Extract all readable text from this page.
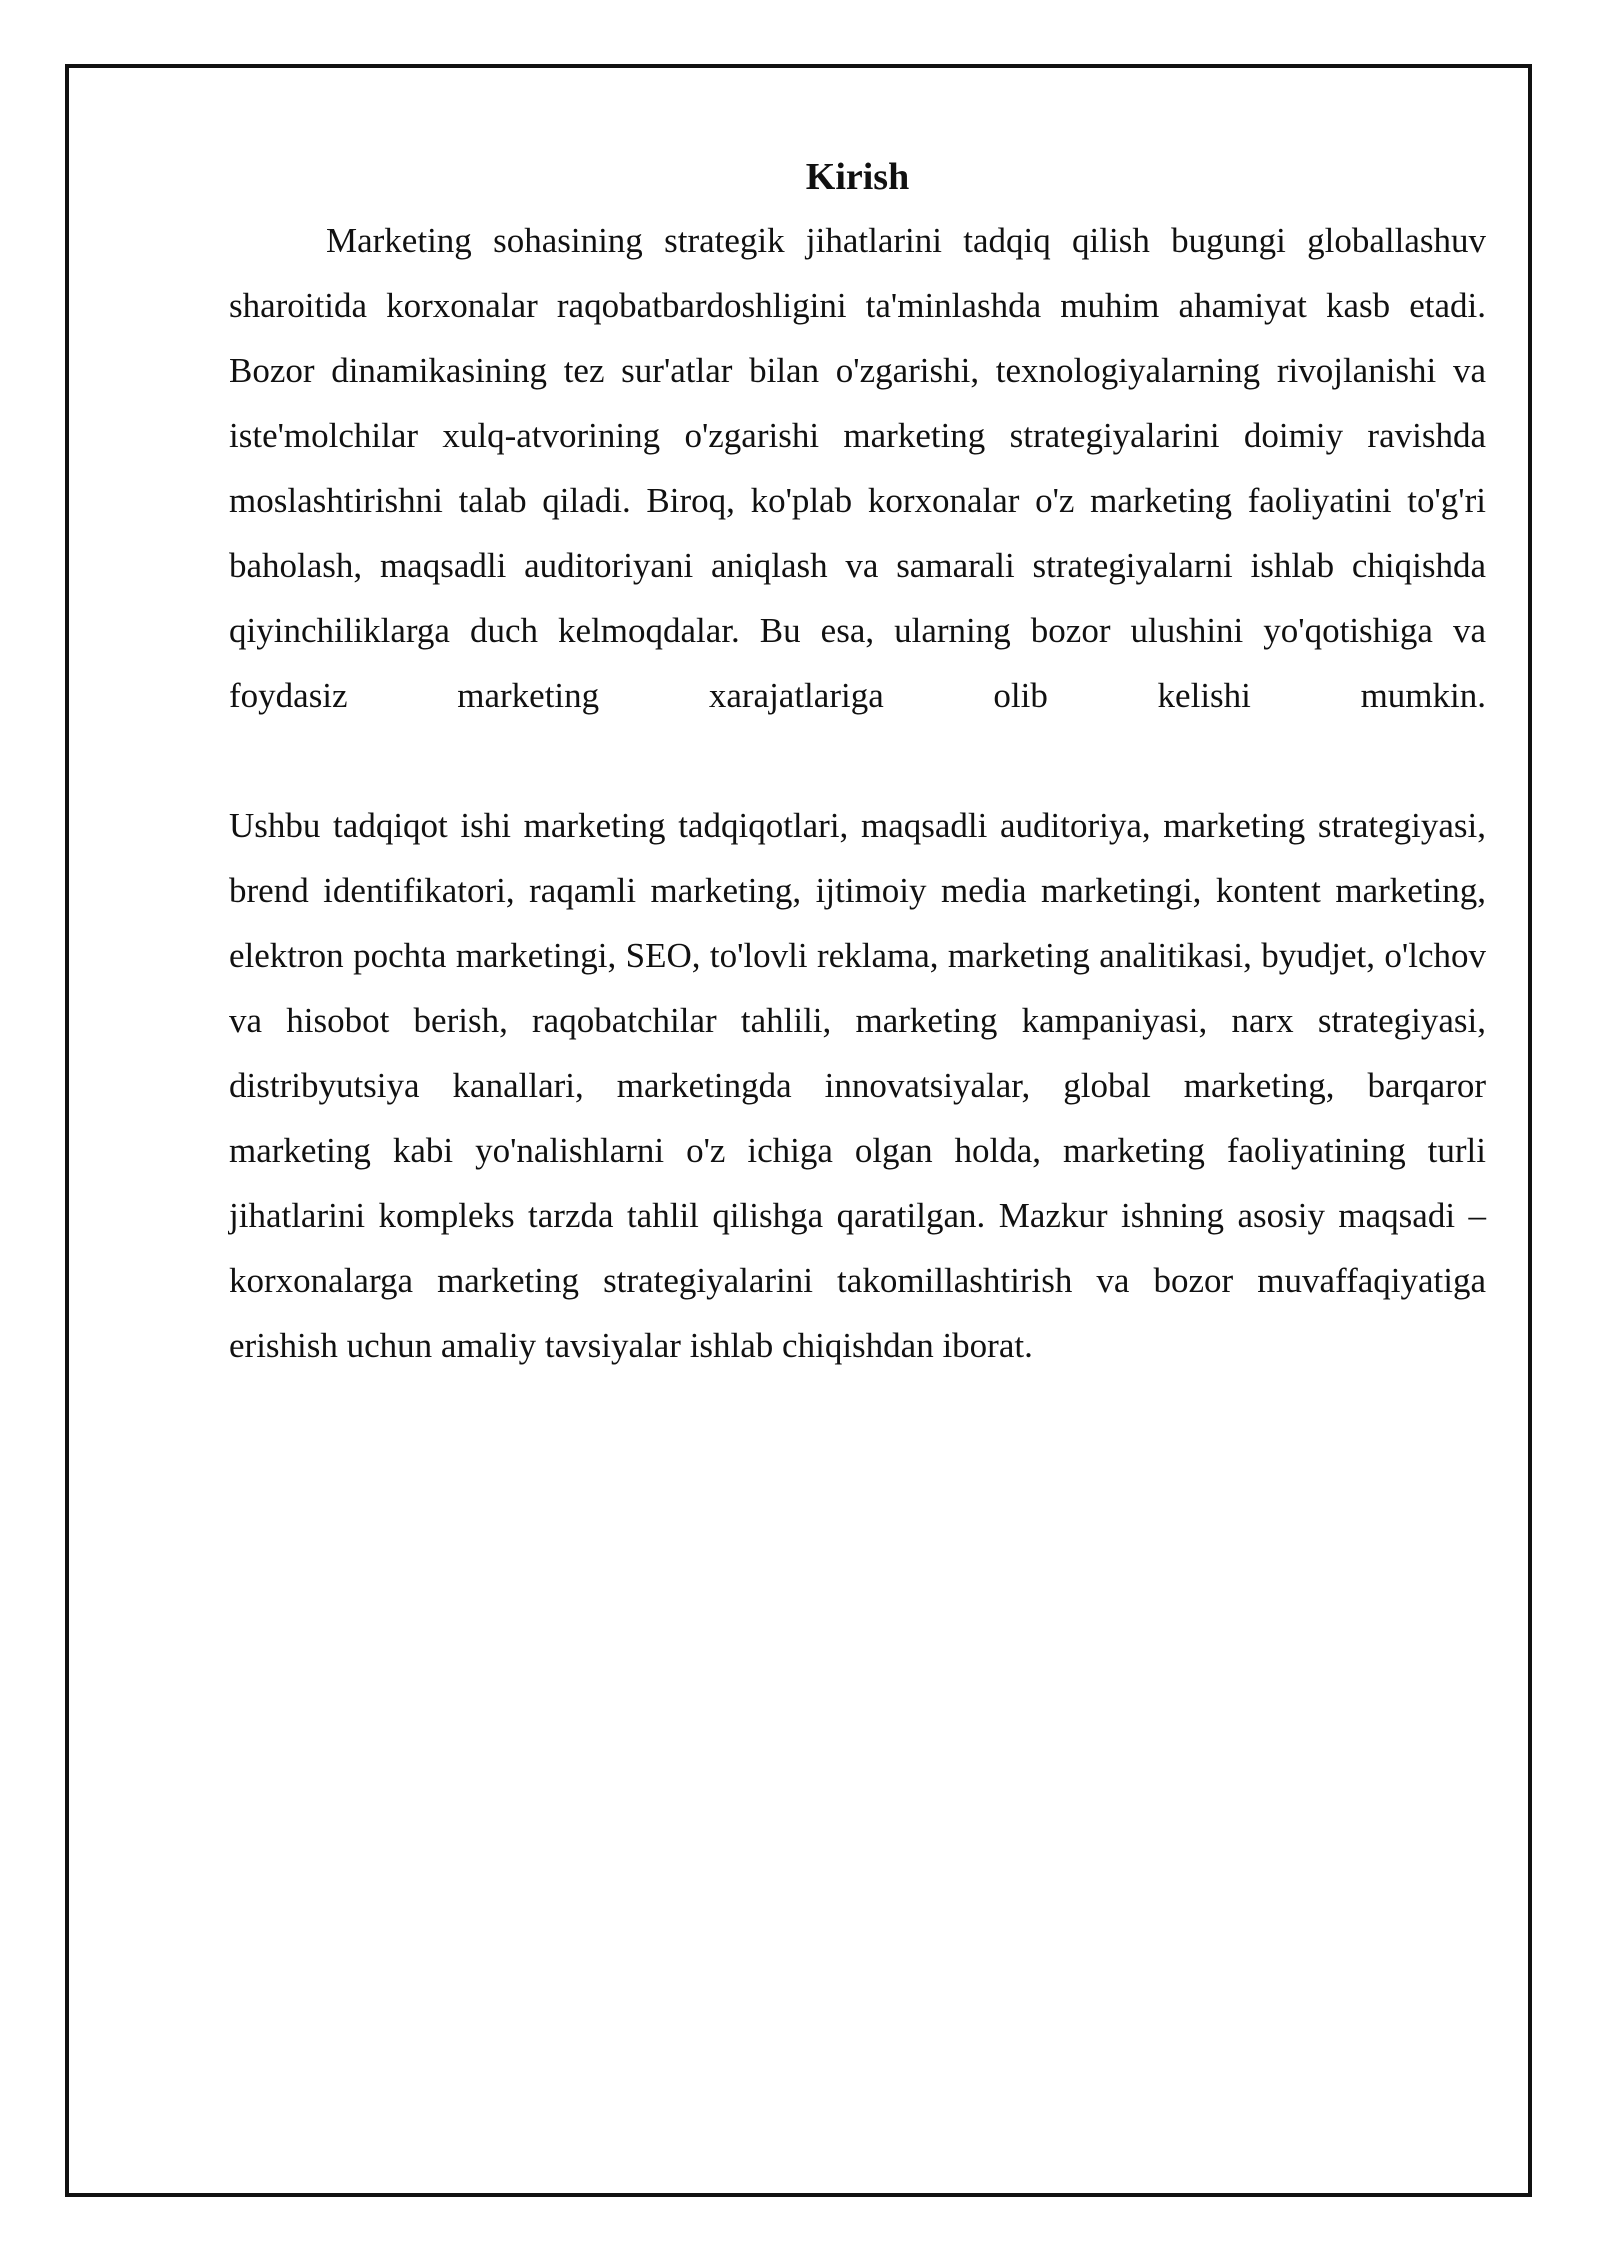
Kirish

Marketing sohasining strategik jihatlarini tadqiq qilish bugungi globallashuv sharoitida korxonalar raqobatbardoshligini ta'minlashda muhim ahamiyat kasb etadi. Bozor dinamikasining tez sur'atlar bilan o'zgarishi, texnologiyalarning rivojlanishi va iste'molchilar xulq-atvorining o'zgarishi marketing strategiyalarini doimiy ravishda moslashtirishni talab qiladi. Biroq, ko'plab korxonalar o'z marketing faoliyatini to'g'ri baholash, maqsadli auditoriyani aniqlash va samarali strategiyalarni ishlab chiqishda qiyinchiliklarga duch kelmoqdalar. Bu esa, ularning bozor ulushini yo'qotishiga va foydasiz marketing xarajatlariga olib kelishi mumkin.

Ushbu tadqiqot ishi marketing tadqiqotlari, maqsadli auditoriya, marketing strategiyasi, brend identifikatori, raqamli marketing, ijtimoiy media marketingi, kontent marketing, elektron pochta marketingi, SEO, to'lovli reklama, marketing analitikasi, byudjet, o'lchov va hisobot berish, raqobatchilar tahlili, marketing kampaniyasi, narx strategiyasi, distribyutsiya kanallari, marketingda innovatsiyalar, global marketing, barqaror marketing kabi yo'nalishlarni o'z ichiga olgan holda, marketing faoliyatining turli jihatlarini kompleks tarzda tahlil qilishga qaratilgan. Mazkur ishning asosiy maqsadi – korxonalarga marketing strategiyalarini takomillashtirish va bozor muvaffaqiyatiga erishish uchun amaliy tavsiyalar ishlab chiqishdan iborat.
